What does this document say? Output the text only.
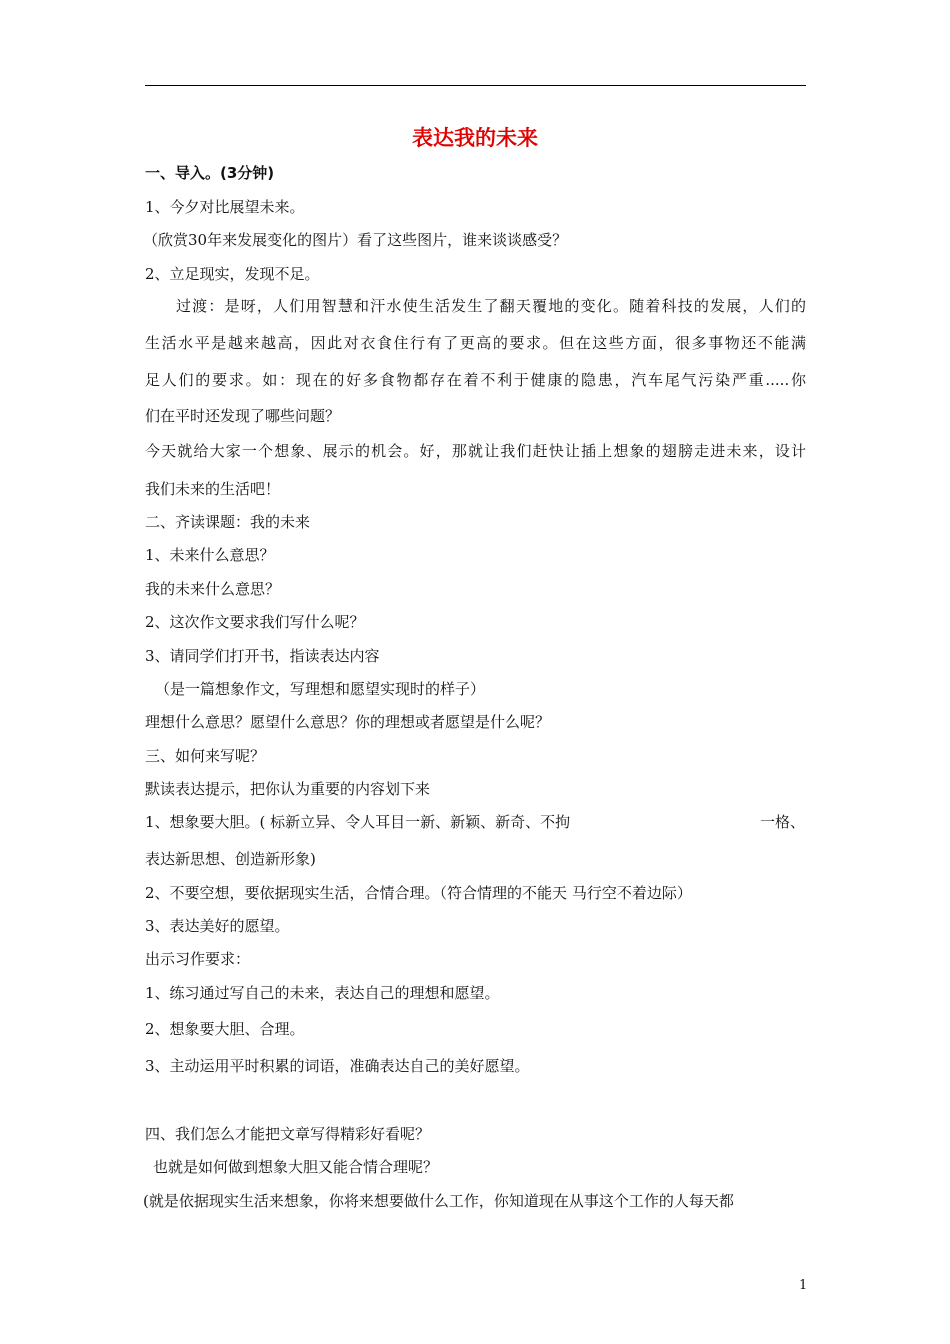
表达我的未来
一、导入。(3分钟)
1、今夕对比展望未来。
（欣赏30年来发展变化的图片）看了这些图片，谁来谈谈感受？
2、立足现实，发现不足。
过渡：是呀，人们用智慧和汗水使生活发生了翻天覆地的变化。随着科技的发展，人们的
生活水平是越来越高，因此对衣食住行有了更高的要求。但在这些方面，很多事物还不能满
足人们的要求。如：现在的好多食物都存在着不利于健康的隐患，汽车尾气污染严重.....你
们在平时还发现了哪些问题？
今天就给大家一个想象、展示的机会。好，那就让我们赶快让插上想象的翅膀走进未来，设计
我们未来的生活吧！
二、齐读课题：我的未来
1、未来什么意思？
我的未来什么意思？
2、这次作文要求我们写什么呢？
3、请同学们打开书，指读表达内容
（是一篇想象作文，写理想和愿望实现时的样子）
理想什么意思？愿望什么意思？你的理想或者愿望是什么呢？
三、如何来写呢？
默读表达提示，把你认为重要的内容划下来
1、想象要大胆。( 标新立异、令人耳目一新、新颖、新奇、不拘	一格、
表达新思想、创造新形象)
2、不要空想，要依据现实生活，合情合理。（符合情理的不能天 马行空不着边际）
3、表达美好的愿望。
出示习作要求：
1、练习通过写自己的未来，表达自己的理想和愿望。
2、想象要大胆、合理。
3、主动运用平时积累的词语，准确表达自己的美好愿望。
四、我们怎么才能把文章写得精彩好看呢？
也就是如何做到想象大胆又能合情合理呢？
(就是依据现实生活来想象，你将来想要做什么工作，你知道现在从事这个工作的人每天都
1
